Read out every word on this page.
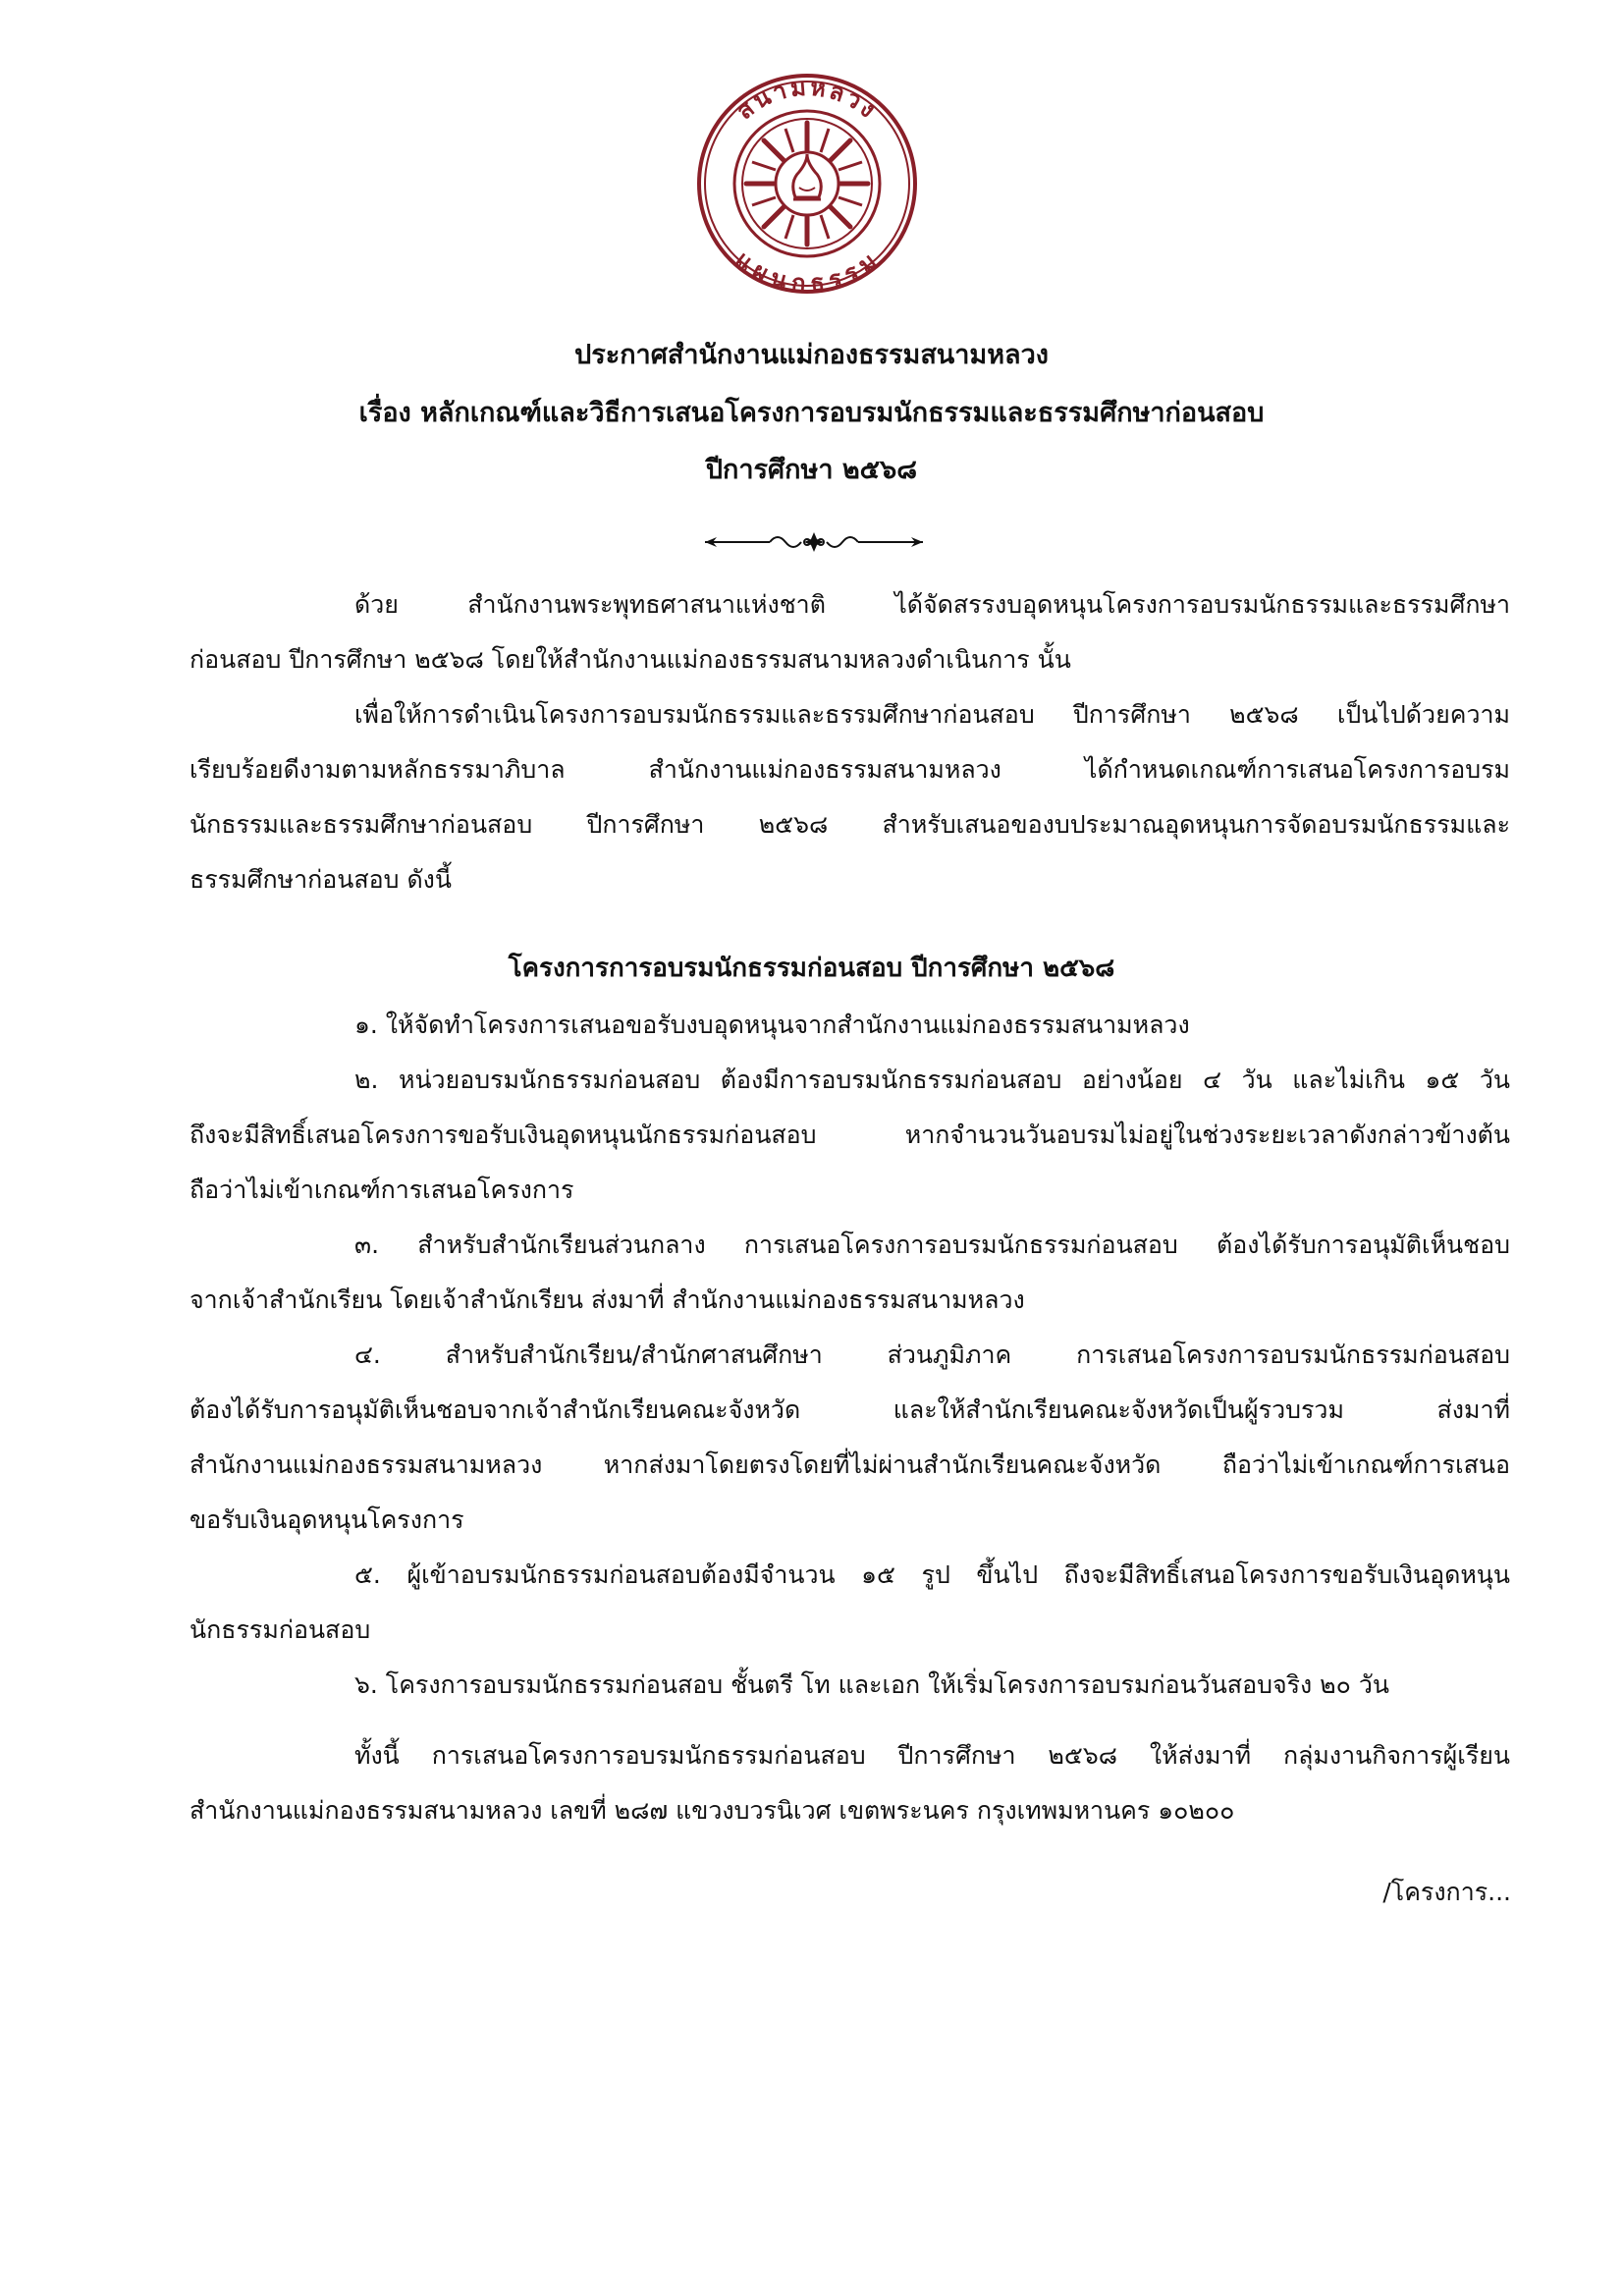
สนามหลวง
แผนกธรรม
ประกาศสำนักงานแม่กองธรรมสนามหลวง
เรื่อง หลักเกณฑ์และวิธีการเสนอโครงการอบรมนักธรรมและธรรมศึกษาก่อนสอบ
ปีการศึกษา ๒๕๖๘
ด้วย สำนักงานพระพุทธศาสนาแห่งชาติ ได้จัดสรรงบอุดหนุนโครงการอบรมนักธรรมและธรรมศึกษา
ก่อนสอบ ปีการศึกษา ๒๕๖๘ โดยให้สำนักงานแม่กองธรรมสนามหลวงดำเนินการ นั้น
เพื่อให้การดำเนินโครงการอบรมนักธรรมและธรรมศึกษาก่อนสอบ ปีการศึกษา ๒๕๖๘ เป็นไปด้วยความ
เรียบร้อยดีงามตามหลักธรรมาภิบาล สำนักงานแม่กองธรรมสนามหลวง ได้กำหนดเกณฑ์การเสนอโครงการอบรม
นักธรรมและธรรมศึกษาก่อนสอบ ปีการศึกษา ๒๕๖๘ สำหรับเสนอของบประมาณอุดหนุนการจัดอบรมนักธรรมและ
ธรรมศึกษาก่อนสอบ ดังนี้
โครงการการอบรมนักธรรมก่อนสอบ ปีการศึกษา ๒๕๖๘
๑. ให้จัดทำโครงการเสนอขอรับงบอุดหนุนจากสำนักงานแม่กองธรรมสนามหลวง
๒. หน่วยอบรมนักธรรมก่อนสอบ ต้องมีการอบรมนักธรรมก่อนสอบ อย่างน้อย ๔ วัน และไม่เกิน ๑๕ วัน
ถึงจะมีสิทธิ์เสนอโครงการขอรับเงินอุดหนุนนักธรรมก่อนสอบ หากจำนวนวันอบรมไม่อยู่ในช่วงระยะเวลาดังกล่าวข้างต้น
ถือว่าไม่เข้าเกณฑ์การเสนอโครงการ
๓. สำหรับสำนักเรียนส่วนกลาง การเสนอโครงการอบรมนักธรรมก่อนสอบ ต้องได้รับการอนุมัติเห็นชอบ
จากเจ้าสำนักเรียน โดยเจ้าสำนักเรียน ส่งมาที่ สำนักงานแม่กองธรรมสนามหลวง
๔. สำหรับสำนักเรียน/สำนักศาสนศึกษา ส่วนภูมิภาค การเสนอโครงการอบรมนักธรรมก่อนสอบ
ต้องได้รับการอนุมัติเห็นชอบจากเจ้าสำนักเรียนคณะจังหวัด และให้สำนักเรียนคณะจังหวัดเป็นผู้รวบรวม ส่งมาที่
สำนักงานแม่กองธรรมสนามหลวง หากส่งมาโดยตรงโดยที่ไม่ผ่านสำนักเรียนคณะจังหวัด ถือว่าไม่เข้าเกณฑ์การเสนอ
ขอรับเงินอุดหนุนโครงการ
๕. ผู้เข้าอบรมนักธรรมก่อนสอบต้องมีจำนวน ๑๕ รูป ขึ้นไป ถึงจะมีสิทธิ์เสนอโครงการขอรับเงินอุดหนุน
นักธรรมก่อนสอบ
๖. โครงการอบรมนักธรรมก่อนสอบ ชั้นตรี โท และเอก ให้เริ่มโครงการอบรมก่อนวันสอบจริง ๒๐ วัน
ทั้งนี้ การเสนอโครงการอบรมนักธรรมก่อนสอบ ปีการศึกษา ๒๕๖๘ ให้ส่งมาที่ กลุ่มงานกิจการผู้เรียน
สำนักงานแม่กองธรรมสนามหลวง เลขที่ ๒๘๗ แขวงบวรนิเวศ เขตพระนคร กรุงเทพมหานคร ๑๐๒๐๐
/โครงการ...
